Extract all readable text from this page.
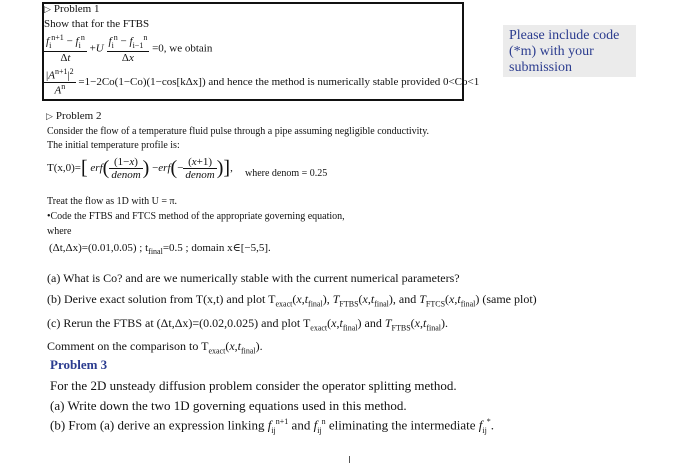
▷ Problem 1
Show that for the FTBS
$\frac{f_i^{n+1} - f_i^n}{\Delta t} +U \frac{f_i^n - f_{i-1}^n}{\Delta x} =0$, we obtain
$\frac{|A^{n+1}|^2}{A^n} =1-2Co(1-Co)(1-\cos[k\Delta x])$ and hence the method is numerically stable provided 0<Co<1
Please include code (*m) with your submission
▷ Problem 2
Consider the flow of a temperature fluid pulse through a pipe assuming negligible conductivity.
The initial temperature profile is:
T(x,0)=[ $erf( \frac{(1-x)}{\text{denom}}$ ) $-erf(- \frac{(x+1)}{\text{denom}}$ )], where denom = 0.25
Treat the flow as 1D with U = π.
•Code the FTBS and FTCS method of the appropriate governing equation,
where
(Δt,Δx)=(0.01,0.05) ; $t_{final}=0.5$ ; domain x∈[−5,5].
(a) What is Co? and are we numerically stable with the current numerical parameters?
(b) Derive exact solution from T(x,t) and plot $T_{exact}(x,t_{final})$, $T_{FTBS}(x,t_{final})$, and $T_{FTCS}(x,t_{final})$ (same plot)
(c) Rerun the FTBS at (Δt,Δx)=(0.02,0.025) and plot $T_{exact}(x,t_{final})$ and $T_{FTBS}(x,t_{final})$.
Comment on the comparison to $T_{exact}(x,t_{final})$.
Problem 3
For the 2D unsteady diffusion problem consider the operator splitting method.
(a) Write down the two 1D governing equations used in this method.
(b) From (a) derive an expression linking $f_{ij}^{n+1}$ and $f_{ij}^n$ eliminating the intermediate $f_{ij}^*$.
